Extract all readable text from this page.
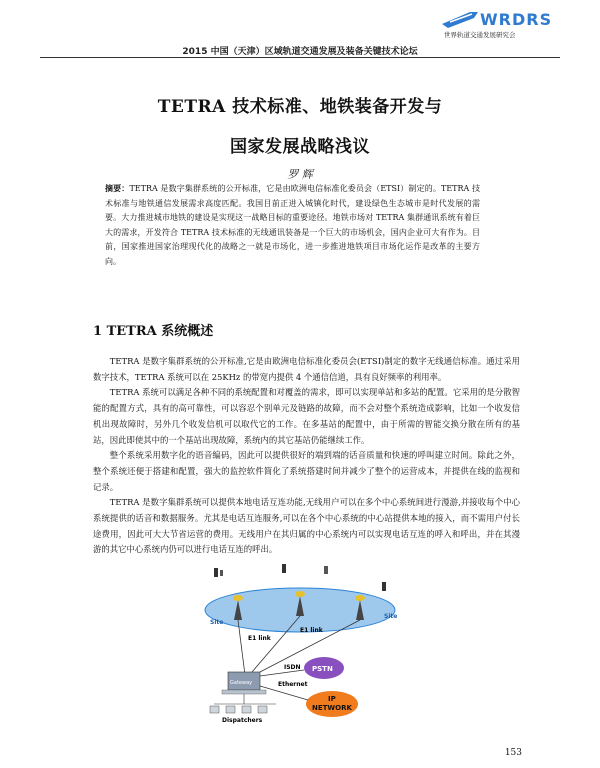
WRDRS
世界轨道交通发展研究会
2015 中国（天津）区域轨道交通发展及装备关键技术论坛
TETRA 技术标准、地铁装备开发与
国家发展战略浅议
罗 辉
摘要：TETRA 是数字集群系统的公开标准，它是由欧洲电信标准化委员会（ETSI）制定的。TETRA 技术标准与地铁通信发展需求高度匹配。我国目前正进入城镇化时代，建设绿色生态城市是时代发展的需要。大力推进城市地铁的建设是实现这一战略目标的重要途径。地铁市场对 TETRA 集群通讯系统有着巨大的需求，开发符合 TETRA 技术标准的无线通讯装备是一个巨大的市场机会，国内企业可大有作为。目前，国家推进国家治理现代化的战略之一就是市场化，进一步推进地铁项目市场化运作是改革的主要方向。
1 TETRA 系统概述

TETRA 是数字集群系统的公开标准,它是由欧洲电信标准化委员会(ETSI)制定的数字无线通信标准。通过采用数字技术，TETRA 系统可以在 25KHz 的带宽内提供 4 个通信信道，具有良好频率的利用率。

TETRA 系统可以满足各种不同的系统配置和对覆盖的需求，即可以实现单站和多站的配置。它采用的是分散智能的配置方式，具有的高可靠性，可以容忍个别单元及链路的故障，而不会对整个系统造成影响，比如一个收发信机出现故障时，另外几个收发信机可以取代它的工作。在多基站的配置中，由于所需的智能交换分散在所有的基站，因此即使其中的一个基站出现故障，系统内的其它基站仍能继续工作。

整个系统采用数字化的语音编码，因此可以提供很好的端到端的话音质量和快速的呼叫建立时间。除此之外，整个系统还便于搭建和配置，强大的监控软件简化了系统搭建时间并减少了整个的运营成本，并提供在线的监视和记录。

TETRA 是数字集群系统可以提供本地电话互连功能,无线用户可以在多个中心系统间进行漫游,并接收每个中心系统提供的话音和数据服务。尤其是电话互连服务,可以在各个中心系统的中心站提供本地的接入，而不需用户付长途费用，因此可大大节省运营的费用。无线用户在其归属的中心系统内可以实现电话互连的呼入和呼出，并在其漫游的其它中心系统内仍可以进行电话互连的呼出。

Site
Site
E1 link
E1 link
Gateway
PSTN
ISDN
IP
NETWORK
Ethernet
Dispatchers
153
